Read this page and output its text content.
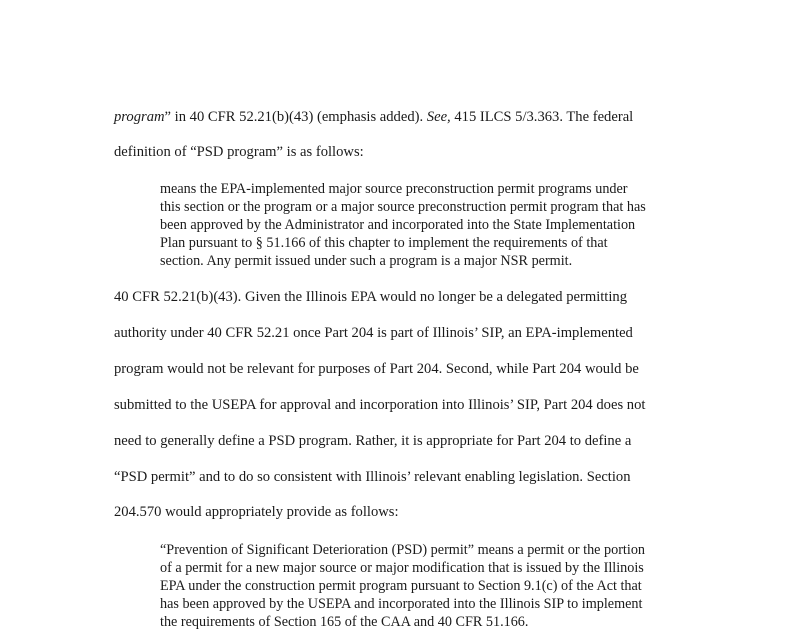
program” in 40 CFR 52.21(b)(43) (emphasis added). See, 415 ILCS 5/3.363. The federal
definition of “PSD program” is as follows:
means the EPA-implemented major source preconstruction permit programs under
this section or the program or a major source preconstruction permit program that has
been approved by the Administrator and incorporated into the State Implementation
Plan pursuant to § 51.166 of this chapter to implement the requirements of that
section. Any permit issued under such a program is a major NSR permit.
40 CFR 52.21(b)(43). Given the Illinois EPA would no longer be a delegated permitting
authority under 40 CFR 52.21 once Part 204 is part of Illinois’ SIP, an EPA-implemented
program would not be relevant for purposes of Part 204. Second, while Part 204 would be
submitted to the USEPA for approval and incorporation into Illinois’ SIP, Part 204 does not
need to generally define a PSD program. Rather, it is appropriate for Part 204 to define a
“PSD permit” and to do so consistent with Illinois’ relevant enabling legislation. Section
204.570 would appropriately provide as follows:
“Prevention of Significant Deterioration (PSD) permit” means a permit or the portion
of a permit for a new major source or major modification that is issued by the Illinois
EPA under the construction permit program pursuant to Section 9.1(c) of the Act that
has been approved by the USEPA and incorporated into the Illinois SIP to implement
the requirements of Section 165 of the CAA and 40 CFR 51.166.
